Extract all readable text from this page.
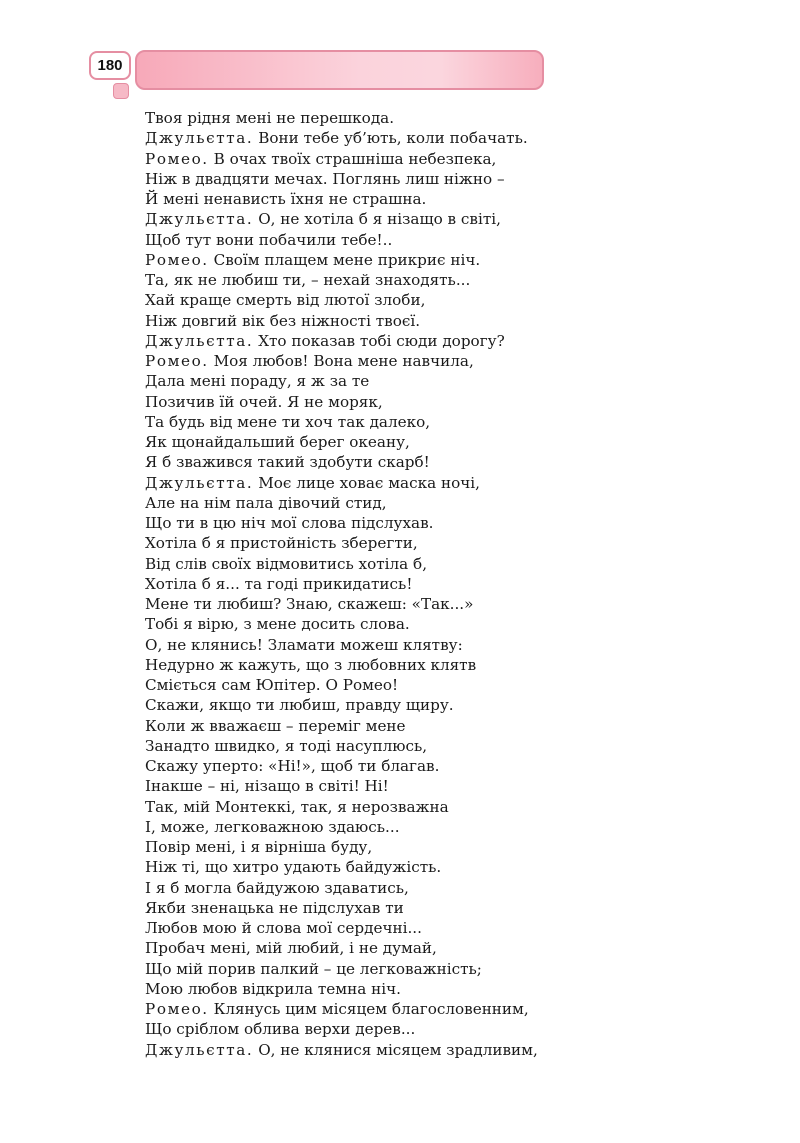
180
Твоя рідня мені не перешкода.
Джульєтта. Вони тебе уб’ють, коли побачать.
Ромео. В очах твоїх страшніша небезпека,
Ніж в двадцяти мечах. Поглянь лиш ніжно –
Й мені ненависть їхня не страшна.
Джульєтта. О, не хотіла б я нізащо в світі,
Щоб тут вони побачили тебе!..
Ромео. Своїм плащем мене прикриє ніч.
Та, як не любиш ти, – нехай знаходять...
Хай краще смерть від лютої злоби,
Ніж довгий вік без ніжності твоєї.
Джульєтта. Хто показав тобі сюди дорогу?
Ромео. Моя любов! Вона мене навчила,
Дала мені пораду, я ж за те
Позичив їй очей. Я не моряк,
Та будь від мене ти хоч так далеко,
Як щонайдальший берег океану,
Я б зважився такий здобути скарб!
Джульєтта. Моє лице ховає маска ночі,
Але на нім пала дівочий стид,
Що ти в цю ніч мої слова підслухав.
Хотіла б я пристойність зберегти,
Від слів своїх відмовитись хотіла б,
Хотіла б я... та годі прикидатись!
Мене ти любиш? Знаю, скажеш: «Так...»
Тобі я вірю, з мене досить слова.
О, не клянись! Зламати можеш клятву:
Недурно ж кажуть, що з любовних клятв
Сміється сам Юпітер. О Ромео!
Скажи, якщо ти любиш, правду щиру.
Коли ж вважаєш – переміг мене
Занадто швидко, я тоді насуплюсь,
Скажу уперто: «Ні!», щоб ти благав.
Інакше – ні, нізащо в світі! Ні!
Так, мій Монтеккі, так, я нерозважна
І, може, легковажною здаюсь...
Повір мені, і я вірніша буду,
Ніж ті, що хитро удають байдужість.
І я б могла байдужою здаватись,
Якби зненацька не підслухав ти
Любов мою й слова мої сердечні...
Пробач мені, мій любий, і не думай,
Що мій порив палкий – це легковажність;
Мою любов відкрила темна ніч.
Ромео. Клянусь цим місяцем благословенним,
Що сріблом облива верхи дерев...
Джульєтта. О, не клянися місяцем зрадливим,
